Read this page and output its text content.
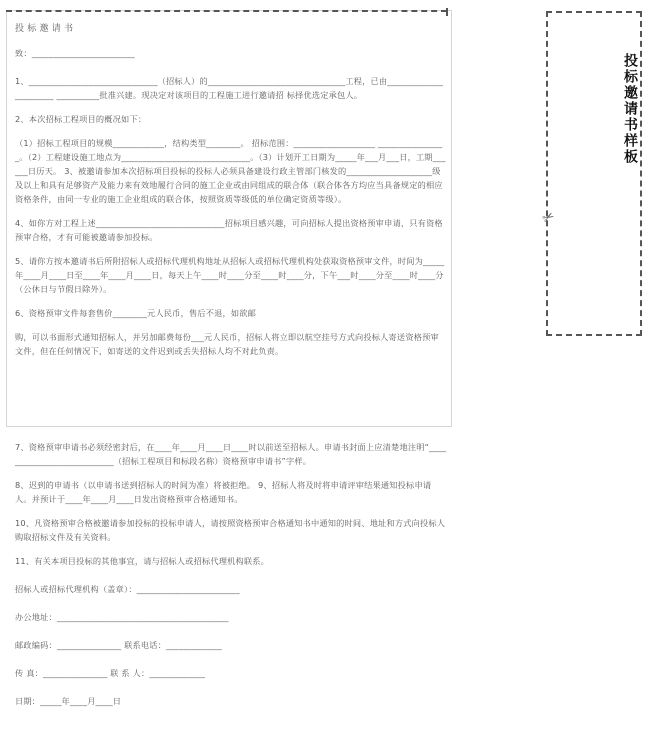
投 标 邀 请 书

致：________________________

1、______________________________（招标人）的________________________________工程，已由______________________ __________批准兴建。现决定对该项目的工程施工进行邀请招 标择优选定承包人。

2、本次招标工程项目的概况如下：

（1）招标工程项目的规模____________，结构类型________。 招标范围：___________________ ________________。（2）工程建设施工地点为______________________________。（3）计划开工日期为_____年___月___日，工期______日历天。 3、被邀请参加本次招标项目投标的投标人必须具备建设行政主管部门核发的____________________级及以上和具有足够资产及能力来有效地履行合同的施工企业或由同组成的联合体（联合体各方均应当具备规定的相应资格条件，由同一专业的施工企业组成的联合体，按照资质等级低的单位确定资质等级）。

4、如你方对工程上述______________________________招标项目感兴趣，可向招标人提出资格预审申请，只有资格预审合格，才有可能被邀请参加投标。

5、请你方按本邀请书后所附招标人或招标代理机构地址从招标人或招标代理机构处获取资格预审文件，时间为_____年____月____日至____年____月____日，每天上午____时____分至____时____分，下午___时____分至____时____分（公休日与节假日除外）。

6、资格预审文件每套售价________元人民币，售后不退，如欲邮

购，可以书面形式通知招标人，并另加邮费每份___元人民币，招标人将立即以航空挂号方式向投标人寄送资格预审文件，但在任何情况下，如寄送的文件迟到或丢失招标人均不对此负责。

7、资格预审申请书必须经密封后，在____年____月____日____时以前送至招标人。申请书封面上应清楚地注明“___________________________（招标工程项目和标段名称）资格预审申请书”字样。

8、迟到的申请书（以申请书送到招标人的时间为准）将被拒绝。 9、招标人将及时将申请评审结果通知投标申请人。并预计于____年____月____日发出资格预审合格通知书。

10、凡资格预审合格被邀请参加投标的投标申请人，请按照资格预审合格通知书中通知的时间、地址和方式向投标人购取招标文件及有关资料。

11、有关本项目投标的其他事宜，请与招标人或招标代理机构联系。

招标人或招标代理机构（盖章）：________________________

办公地址：________________________________________

邮政编码：_______________ 联系电话：_____________

传 真：_______________ 联 系 人：_____________

日期：_____年____月____日

投标邀请书样板
✂
